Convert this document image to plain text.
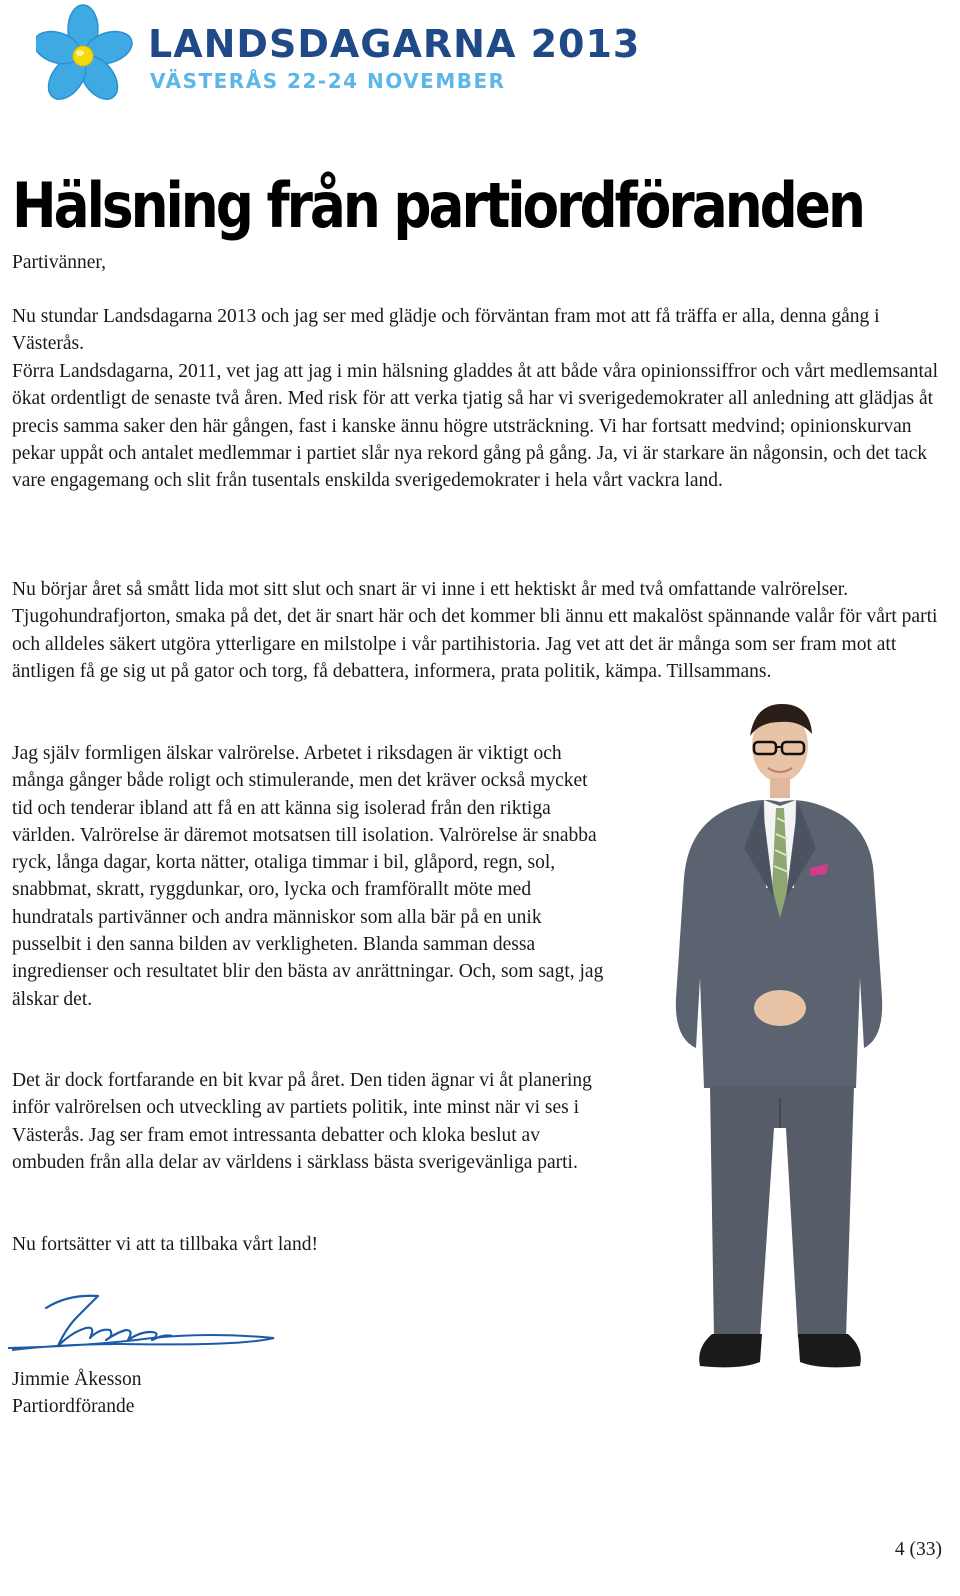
LANDSDAGARNA 2013
VÄSTERÅS 22-24 NOVEMBER
Hälsning från partiordföranden

Partivänner,

Nu stundar Landsdagarna 2013 och jag ser med glädje och förväntan fram mot att få träffa er alla, denna gång i Västerås.

Förra Landsdagarna, 2011, vet jag att jag i min hälsning gladdes åt att både våra opinionssiffror och vårt medlemsantal ökat ordentligt de senaste två åren. Med risk för att verka tjatig så har vi sverigedemokrater all anledning att glädjas åt precis samma saker den här gången, fast i kanske ännu högre utsträckning. Vi har fortsatt medvind; opinionskurvan pekar uppåt och antalet medlemmar i partiet slår nya rekord gång på gång. Ja, vi är starkare än någonsin, och det tack vare engagemang och slit från tusentals enskilda sverigedemokrater i hela vårt vackra land.

Nu börjar året så smått lida mot sitt slut och snart är vi inne i ett hektiskt år med två omfattande valrörelser. Tjugohundrafjorton, smaka på det, det är snart här och det kommer bli ännu ett makalöst spännande valår för vårt parti och alldeles säkert utgöra ytterligare en milstolpe i vår partihistoria. Jag vet att det är många som ser fram mot att äntligen få ge sig ut på gator och torg, få debattera, informera, prata politik, kämpa. Tillsammans.

Jag själv formligen älskar valrörelse. Arbetet i riksdagen är viktigt och många gånger både roligt och stimulerande, men det kräver också mycket tid och tenderar ibland att få en att känna sig isolerad från den riktiga världen. Valrörelse är däremot motsatsen till isolation. Valrörelse är snabba ryck, långa dagar, korta nätter, otaliga timmar i bil, glåpord, regn, sol, snabbmat, skratt, ryggdunkar, oro, lycka och framförallt möte med hundratals partivänner och andra människor som alla bär på en unik pusselbit i den sanna bilden av verkligheten. Blanda samman dessa ingredienser och resultatet blir den bästa av anrättningar. Och, som sagt, jag älskar det.

Det är dock fortfarande en bit kvar på året. Den tiden ägnar vi åt planering inför valrörelsen och utveckling av partiets politik, inte minst när vi ses i Västerås. Jag ser fram emot intressanta debatter och kloka beslut av ombuden från alla delar av världens i särklass bästa sverigevänliga parti.

Nu fortsätter vi att ta tillbaka vårt land!

Jimmie Åkesson

Partiordförande

4 (33)
